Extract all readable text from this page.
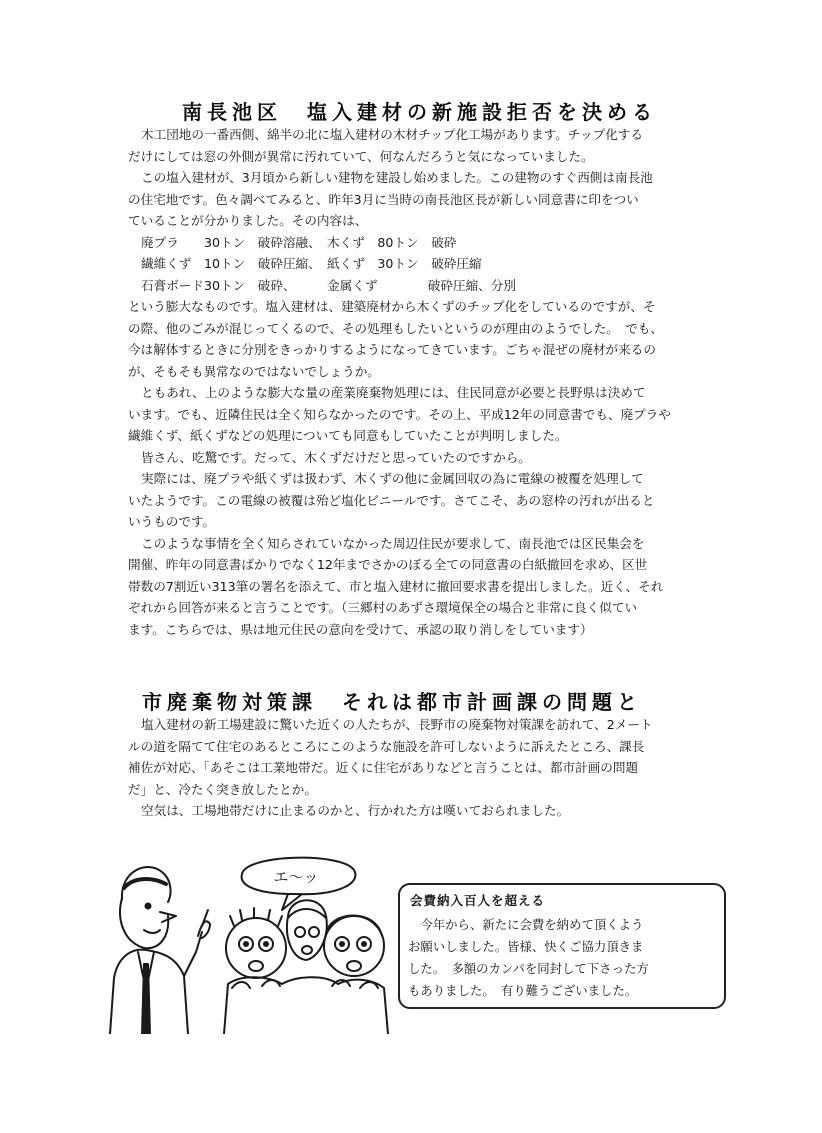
南長池区　塩入建材の新施設拒否を決める
木工団地の一番西側、綿半の北に塩入建材の木材チップ化工場があります。チップ化する
だけにしては窓の外側が異常に汚れていて、何なんだろうと気になっていました。
この塩入建材が、3月頃から新しい建物を建設し始めました。この建物のすぐ西側は南長池
の住宅地です。色々調べてみると、昨年3月に当時の南長池区長が新しい同意書に印をつい
ていることが分かりました。その内容は、
廃プラ　　30トン　破砕溶融、　木くず　80トン　破砕
繊維くず　10トン　破砕圧縮、　紙くず　30トン　破砕圧縮
石膏ボード30トン　破砕、　　　金属くず　　　　破砕圧縮、分別
という膨大なものです。塩入建材は、建築廃材から木くずのチップ化をしているのですが、そ
の際、他のごみが混じってくるので、その処理もしたいというのが理由のようでした。　でも、
今は解体するときに分別をきっかりするようになってきています。ごちゃ混ぜの廃材が来るの
が、そもそも異常なのではないでしょうか。
ともあれ、上のような膨大な量の産業廃棄物処理には、住民同意が必要と長野県は決めて
います。でも、近隣住民は全く知らなかったのです。その上、平成12年の同意書でも、廃プラや
繊維くず、紙くずなどの処理についても同意もしていたことが判明しました。
皆さん、吃驚です。だって、木くずだけだと思っていたのですから。
実際には、廃プラや紙くずは扱わず、木くずの他に金属回収の為に電線の被覆を処理して
いたようです。この電線の被覆は殆ど塩化ビニールです。さてこそ、あの窓枠の汚れが出ると
いうものです。
このような事情を全く知らされていなかった周辺住民が要求して、南長池では区民集会を
開催、昨年の同意書ばかりでなく12年までさかのぼる全ての同意書の白紙撤回を求め、区世
帯数の7割近い313筆の署名を添えて、市と塩入建材に撤回要求書を提出しました。近く、それ
ぞれから回答が来ると言うことです。（三郷村のあずさ環境保全の場合と非常に良く似てい
ます。こちらでは、県は地元住民の意向を受けて、承認の取り消しをしています）
市廃棄物対策課　それは都市計画課の問題と
塩入建材の新工場建設に驚いた近くの人たちが、長野市の廃棄物対策課を訪れて、2メート
ルの道を隔てて住宅のあるところにこのような施設を許可しないように訴えたところ、課長
補佐が対応、「あそこは工業地帯だ。近くに住宅がありなどと言うことは、都市計画の問題
だ」と、冷たく突き放したとか。
空気は、工場地帯だけに止まるのかと、行かれた方は嘆いておられました。
エ～ッ
会費納入百人を超える
　今年から、新たに会費を納めて頂くよう
お願いしました。皆様、快くご協力頂きま
した。　多額のカンパを同封して下さった方
もありました。　有り難うございました。
